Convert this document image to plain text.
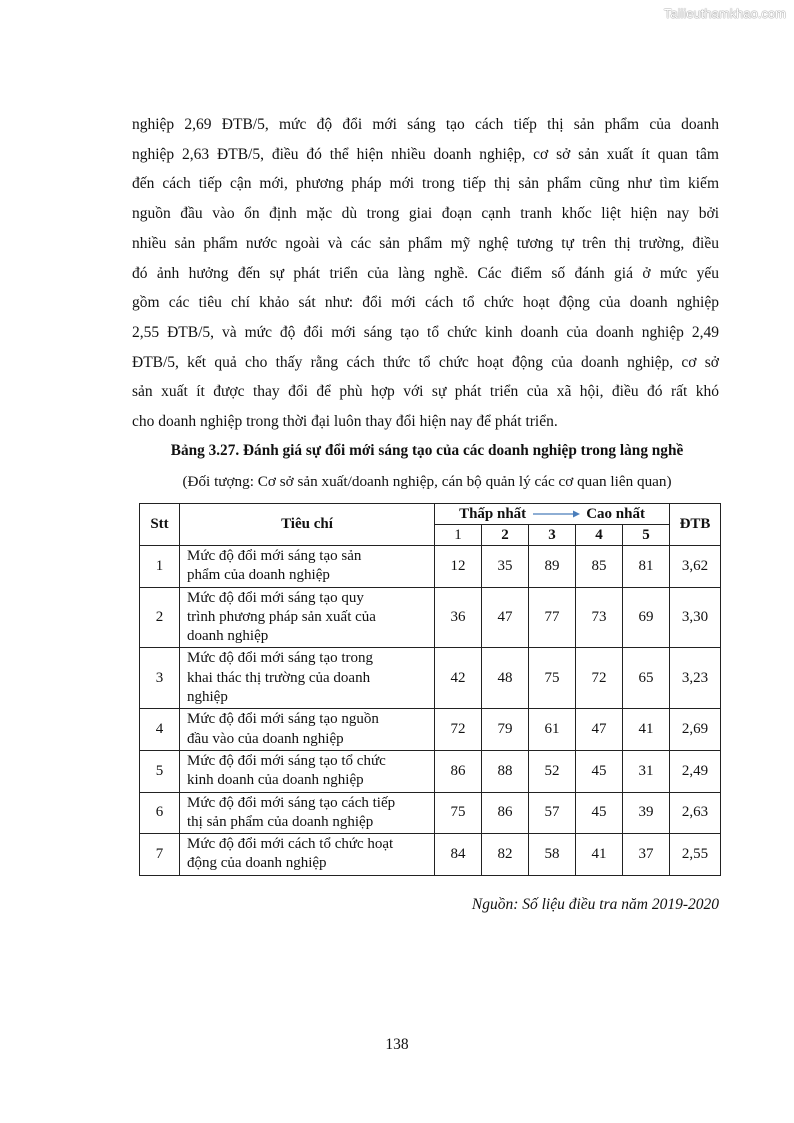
Tailieuthamkhao.com
nghiệp 2,69 ĐTB/5, mức độ đổi mới sáng tạo cách tiếp thị sản phẩm của doanh
nghiệp 2,63 ĐTB/5, điều đó thể hiện nhiều doanh nghiệp, cơ sở sản xuất ít quan tâm
đến cách tiếp cận mới, phương pháp mới trong tiếp thị sản phẩm cũng như tìm kiếm
nguồn đầu vào ổn định mặc dù trong giai đoạn cạnh tranh khốc liệt hiện nay bởi
nhiều sản phẩm nước ngoài và các sản phẩm mỹ nghệ tương tự trên thị trường, điều
đó ảnh hưởng đến sự phát triển của làng nghề. Các điểm số đánh giá ở mức yếu
gồm các tiêu chí khảo sát như: đổi mới cách tổ chức hoạt động của doanh nghiệp
2,55 ĐTB/5, và mức độ đổi mới sáng tạo tổ chức kinh doanh của doanh nghiệp 2,49
ĐTB/5, kết quả cho thấy rằng cách thức tổ chức hoạt động của doanh nghiệp, cơ sở
sản xuất ít được thay đổi để phù hợp với sự phát triển của xã hội, điều đó rất khó
cho doanh nghiệp trong thời đại luôn thay đổi hiện nay để phát triển.
Bảng 3.27. Đánh giá sự đổi mới sáng tạo của các doanh nghiệp trong làng nghề
(Đối tượng: Cơ sở sản xuất/doanh nghiệp, cán bộ quản lý các cơ quan liên quan)
Stt	Tiêu chí	Thấp nhất Cao nhất					ĐTB
		1	2	3	4	5	
1	Mức độ đổi mới sáng tạo sản
phẩm của doanh nghiệp	12	35	89	85	81	3,62
2	Mức độ đổi mới sáng tạo quy
trình phương pháp sản xuất của
doanh nghiệp	36	47	77	73	69	3,30
3	Mức độ đổi mới sáng tạo trong
khai thác thị trường của doanh
nghiệp	42	48	75	72	65	3,23
4	Mức độ đổi mới sáng tạo nguồn
đầu vào của doanh nghiệp	72	79	61	47	41	2,69
5	Mức độ đổi mới sáng tạo tổ chức
kinh doanh của doanh nghiệp	86	88	52	45	31	2,49
6	Mức độ đổi mới sáng tạo cách tiếp
thị sản phẩm của doanh nghiệp	75	86	57	45	39	2,63
7	Mức độ đổi mới cách tổ chức hoạt
động của doanh nghiệp	84	82	58	41	37	2,55
Nguồn: Số liệu điều tra năm 2019-2020
138
